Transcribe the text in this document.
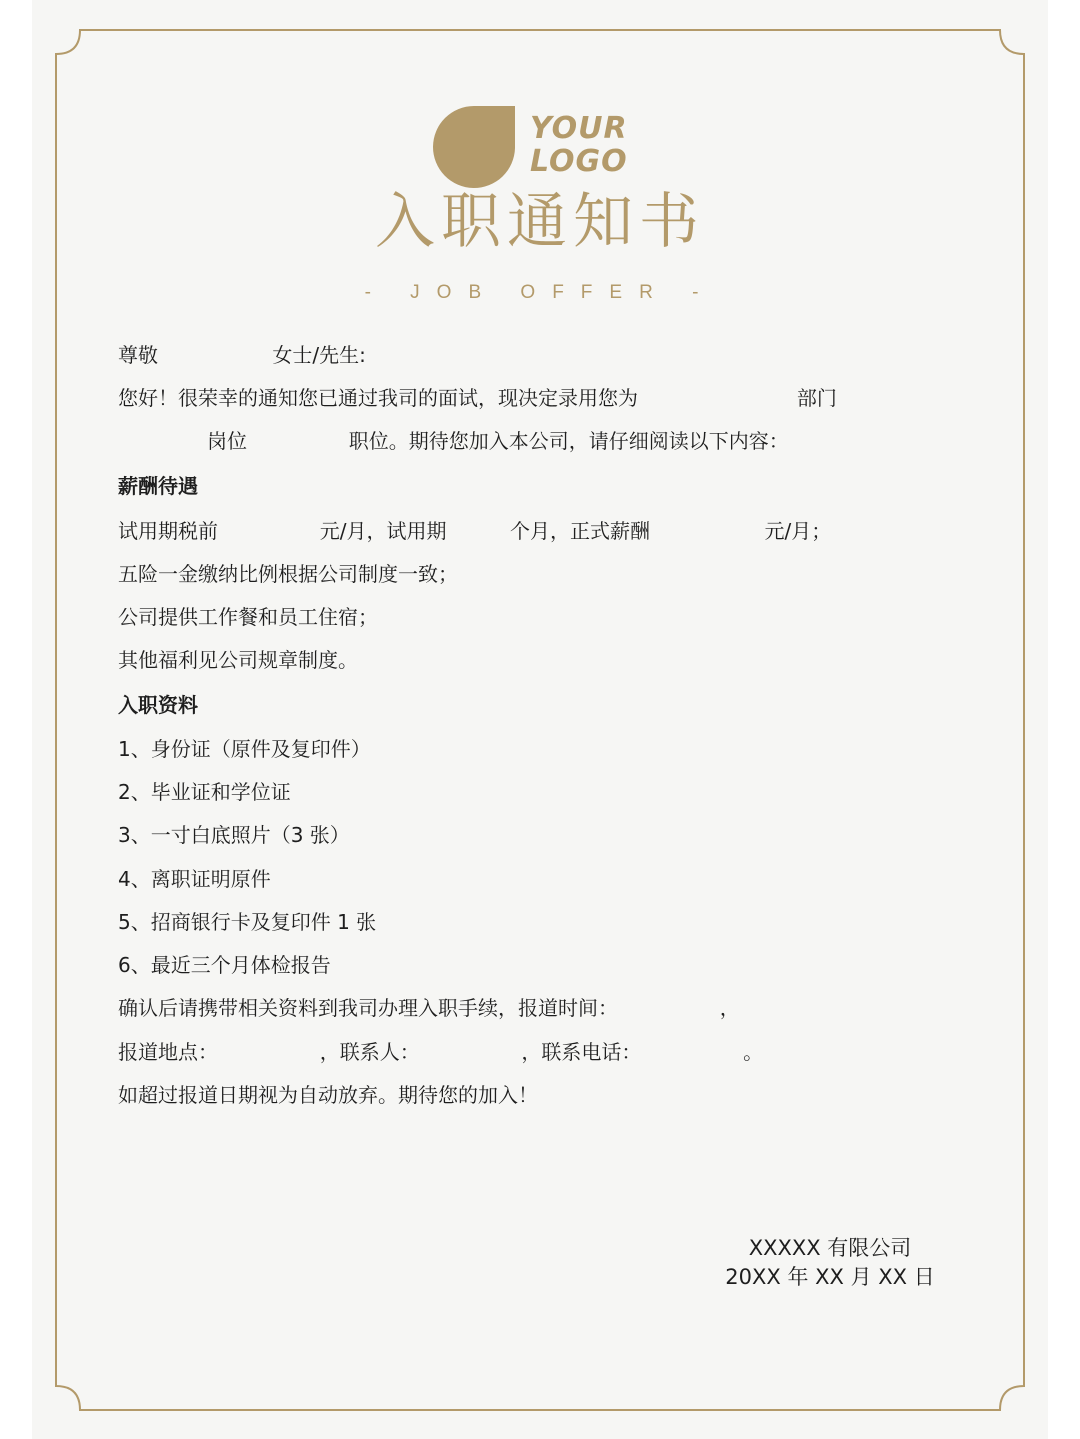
YOUR
LOGO
入职通知书
- JOB OFFER -
尊敬                  女士/先生:
您好！很荣幸的通知您已通过我司的面试，现决定录用您为                         部门
岗位                职位。期待您加入本公司，请仔细阅读以下内容：
薪酬待遇
试用期税前                元/月，试用期          个月，正式薪酬                  元/月；
五险一金缴纳比例根据公司制度一致；
公司提供工作餐和员工住宿；
其他福利见公司规章制度。
入职资料
1、身份证（原件及复印件）
2、毕业证和学位证
3、一寸白底照片（3 张）
4、离职证明原件
5、招商银行卡及复印件 1 张
6、最近三个月体检报告
确认后请携带相关资料到我司办理入职手续，报道时间：                ，
报道地点：                ，联系人：                ，联系电话：                。
如超过报道日期视为自动放弃。期待您的加入！
XXXXX 有限公司
20XX 年 XX 月 XX 日
